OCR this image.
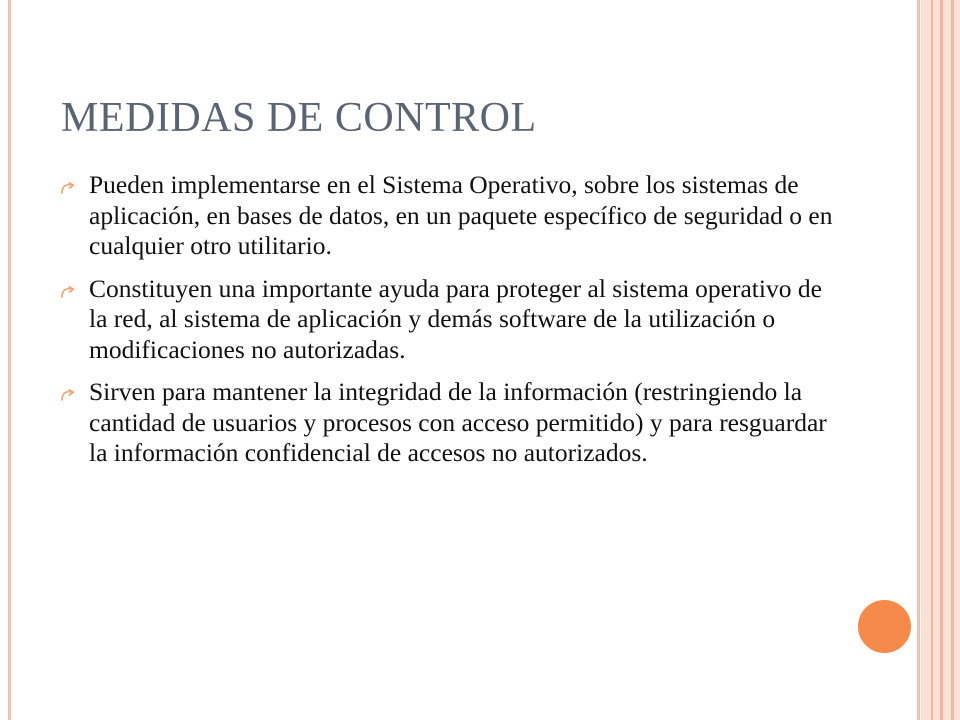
MEDIDAS DE CONTROL
Pueden implementarse en el Sistema Operativo, sobre los sistemas de aplicación, en bases de datos, en un paquete específico de seguridad o en cualquier otro utilitario.
Constituyen una importante ayuda para proteger al sistema operativo de la red, al sistema de aplicación y demás software de la utilización o modificaciones no autorizadas.
Sirven para mantener la integridad de la información (restringiendo la cantidad de usuarios y procesos con acceso permitido) y para resguardar la información confidencial de accesos no autorizados.
